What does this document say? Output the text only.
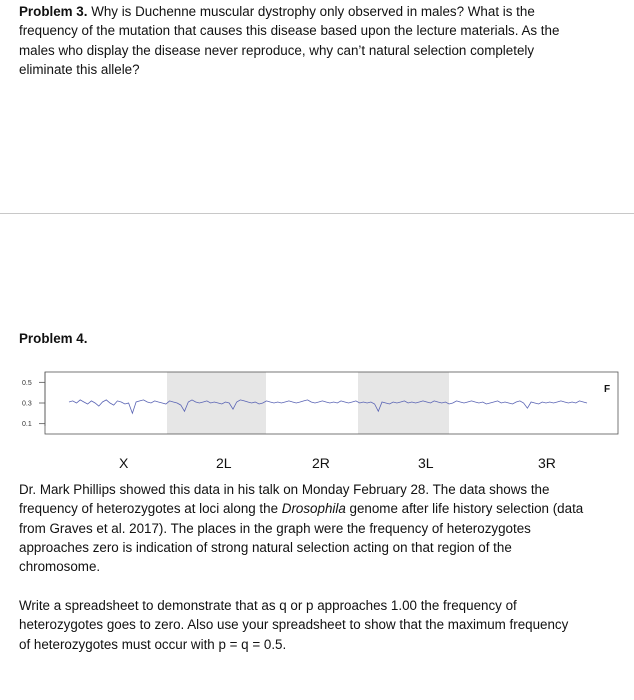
Problem 3. Why is Duchenne muscular dystrophy only observed in males? What is the
frequency of the mutation that causes this disease based upon the lecture materials. As the
males who display the disease never reproduce, why can’t natural selection completely
eliminate this allele?
Problem 4.
0.5
0.3
0.1
F
X	2L	2R	3L	3R
Dr. Mark Phillips showed this data in his talk on Monday February 28. The data shows the
frequency of heterozygotes at loci along the Drosophila genome after life history selection (data
from Graves et al. 2017). The places in the graph were the frequency of heterozygotes
approaches zero is indication of strong natural selection acting on that region of the
chromosome.
Write a spreadsheet to demonstrate that as q or p approaches 1.00 the frequency of
heterozygotes goes to zero. Also use your spreadsheet to show that the maximum frequency
of heterozygotes must occur with p = q = 0.5.
